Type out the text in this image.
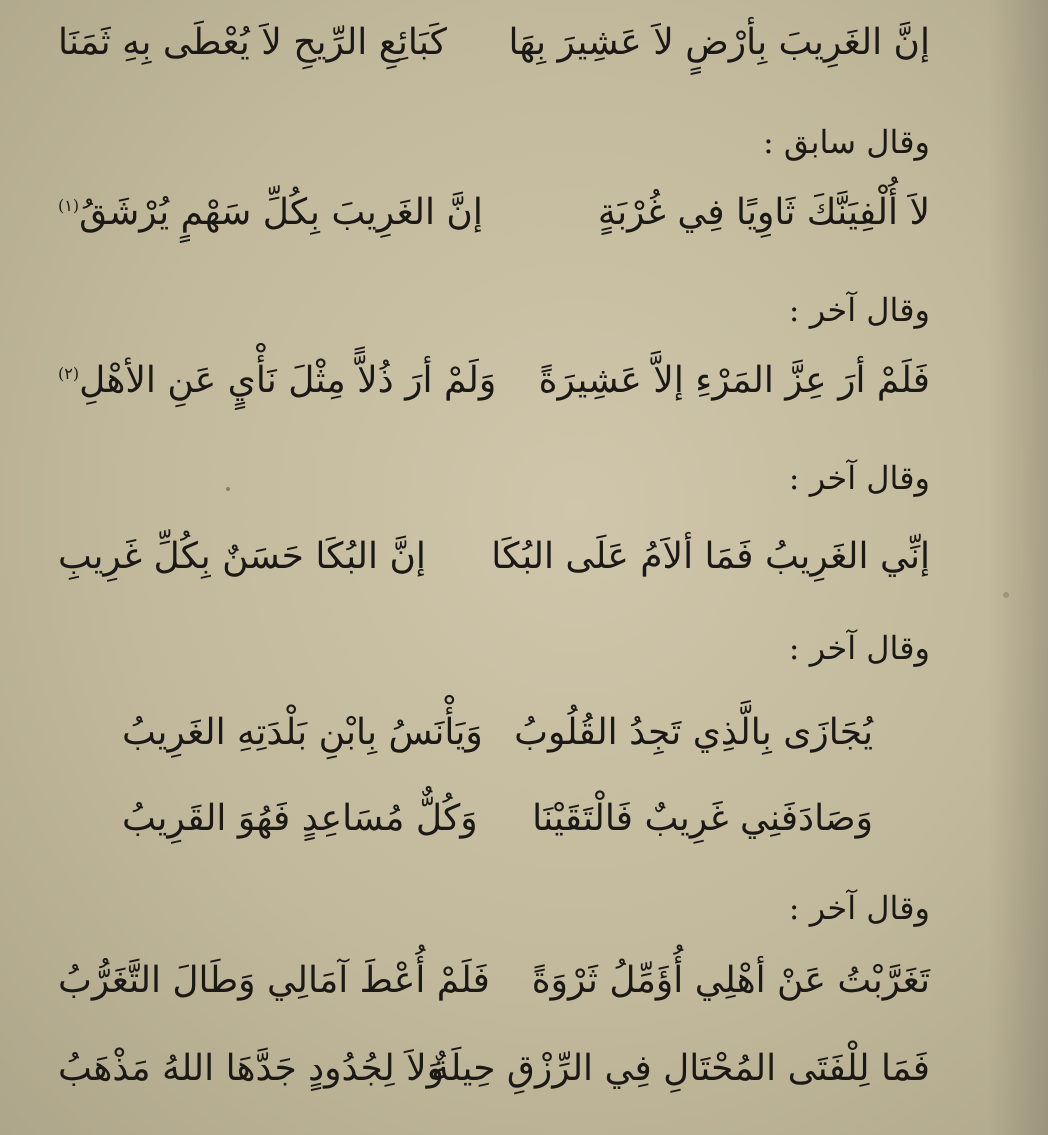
إنَّ الغَرِيبَ بِأرْضٍ لاَ عَشِيرَ بِهَا
كَبَائِعِ الرِّيحِ لاَ يُعْطَى بِهِ ثَمَنَا
وقال سابق :
لاَ أُلْفِيَنَّكَ ثَاوِيًا فِي غُرْبَةٍ
إنَّ الغَرِيبَ بِكُلِّ سَهْمٍ يُرْشَقُ$^{(١)}$
وقال آخر :
فَلَمْ أرَ عِزَّ المَرْءِ إلاَّ عَشِيرَةً
وَلَمْ أرَ ذُلاًّ مِثْلَ نَأْيٍ عَنِ الأهْلِ$^{(٢)}$
وقال آخر :
إنِّي الغَرِيبُ فَمَا ألاَمُ عَلَى البُكَا
إنَّ البُكَا حَسَنٌ بِكُلِّ غَرِيبِ
وقال آخر :
يُجَازَى بِالَّذِي تَجِدُ القُلُوبُ
وَيَأْنَسُ بِابْنِ بَلْدَتِهِ الغَرِيبُ
وَصَادَفَنِي غَرِيبٌ فَالْتَقَيْنَا
وَكُلٌّ مُسَاعِدٍ فَهُوَ القَرِيبُ
وقال آخر :
تَغَرَّبْتُ عَنْ أهْلِي أُؤَمِّلُ ثَرْوَةً
فَلَمْ أُعْطَ آمَالِي وَطَالَ التَّغَرُّبُ
فَمَا لِلْفَتَى المُحْتَالِ فِي الرِّزْقِ حِيلَةٌ
وَلاَ لِجُدُودٍ جَدَّهَا اللهُ مَذْهَبُ
